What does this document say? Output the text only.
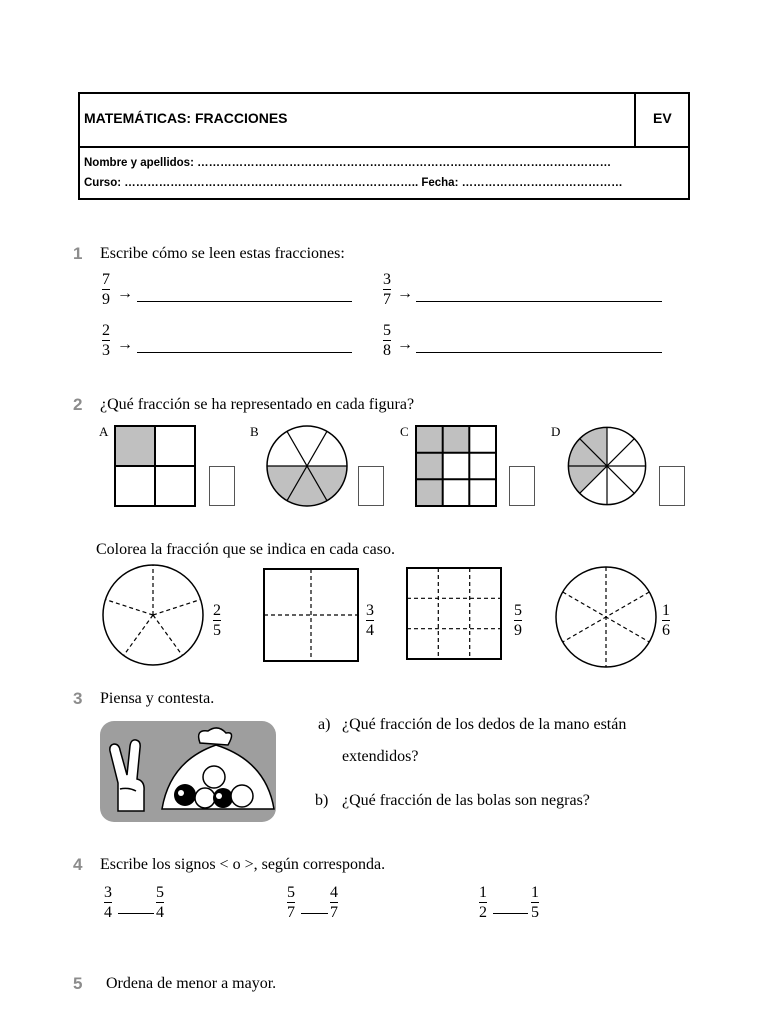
MATEMÁTICAS: FRACCIONES	EV
Nombre y apellidos: ………………………………………………………………………………………………
Curso: ………………………………………………………………….. Fecha: ……………………………………
1 Escribe cómo se leen estas fracciones:
7
9 →
3
7 →
2
3 →
5
8 →
2 ¿Qué fracción se ha representado en cada figura?
A	B	C	D
Colorea la fracción que se indica en cada caso.
2
5
3
4
5
9
1
6
3 Piensa y contesta.
a) ¿Qué fracción de los dedos de la mano están
extendidos?
b) ¿Qué fracción de las bolas son negras?
4 Escribe los signos < o >, según corresponda.
3
4
5
4
5
7
4
7
1
2
1
5
5 Ordena de menor a mayor.
